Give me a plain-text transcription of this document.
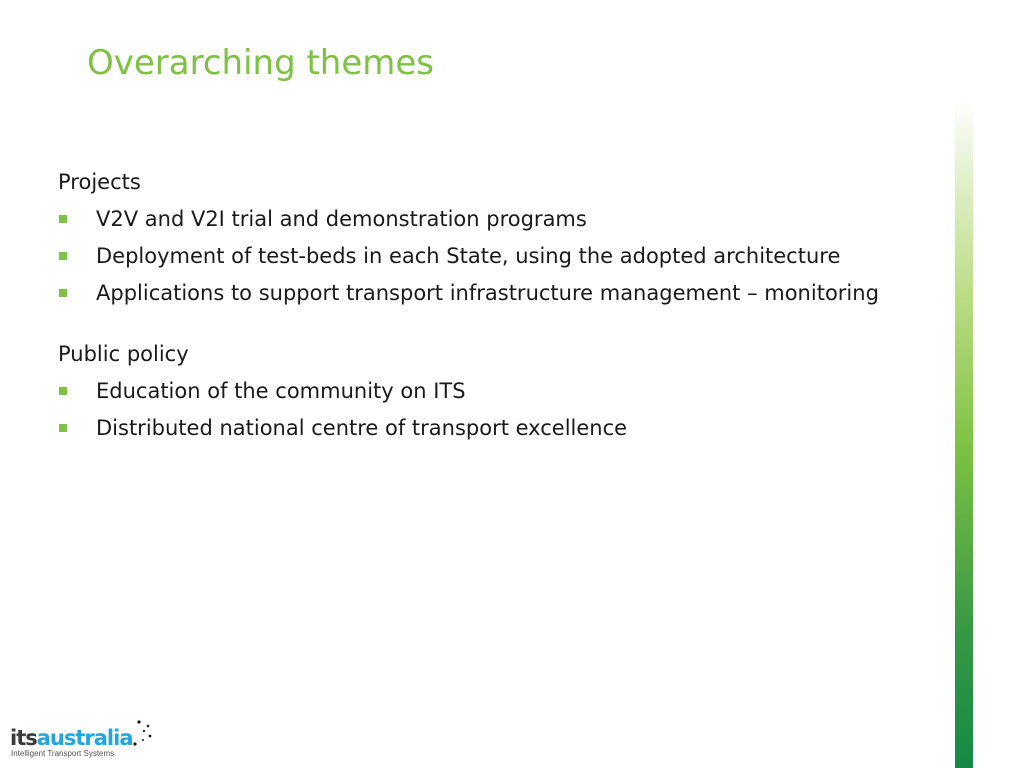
Overarching themes

Projects

V2V and V2I trial and demonstration programs
Deployment of test-beds in each State, using the adopted architecture
Applications to support transport infrastructure management – monitoring

Public policy

Education of the community on ITS
Distributed national centre of transport excellence

itsaustralia

Intelligent Transport Systems
